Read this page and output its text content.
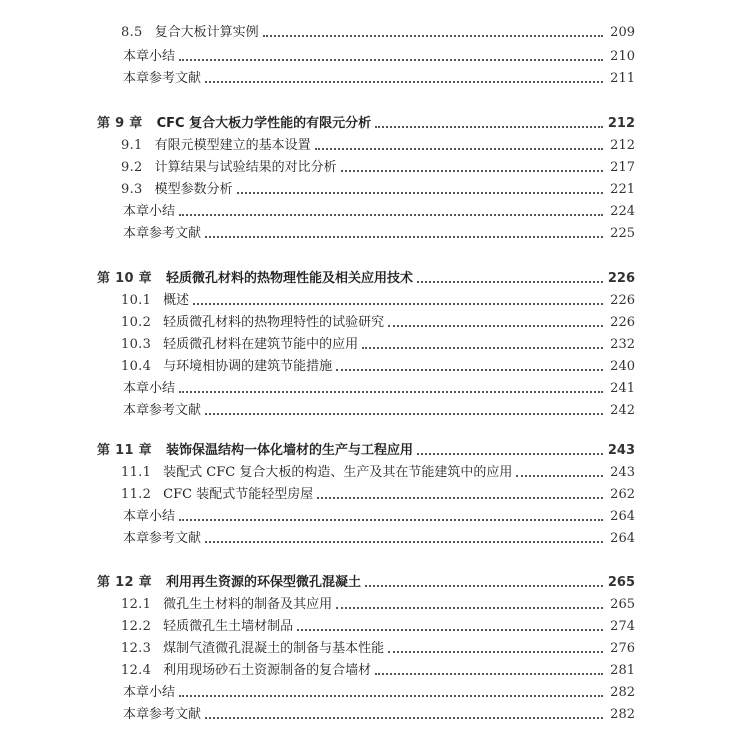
8.5 复合大板计算实例	209
本章小结	210
本章参考文献	211
第 9 章 CFC 复合大板力学性能的有限元分析	212
9.1 有限元模型建立的基本设置	212
9.2 计算结果与试验结果的对比分析	217
9.3 模型参数分析	221
本章小结	224
本章参考文献	225
第 10 章 轻质微孔材料的热物理性能及相关应用技术	226
10.1 概述	226
10.2 轻质微孔材料的热物理特性的试验研究	226
10.3 轻质微孔材料在建筑节能中的应用	232
10.4 与环境相协调的建筑节能措施	240
本章小结	241
本章参考文献	242
第 11 章 装饰保温结构一体化墙材的生产与工程应用	243
11.1 装配式 CFC 复合大板的构造、生产及其在节能建筑中的应用	243
11.2 CFC 装配式节能轻型房屋	262
本章小结	264
本章参考文献	264
第 12 章 利用再生资源的环保型微孔混凝土	265
12.1 微孔生土材料的制备及其应用	265
12.2 轻质微孔生土墙材制品	274
12.3 煤制气渣微孔混凝土的制备与基本性能	276
12.4 利用现场砂石土资源制备的复合墙材	281
本章小结	282
本章参考文献	282
